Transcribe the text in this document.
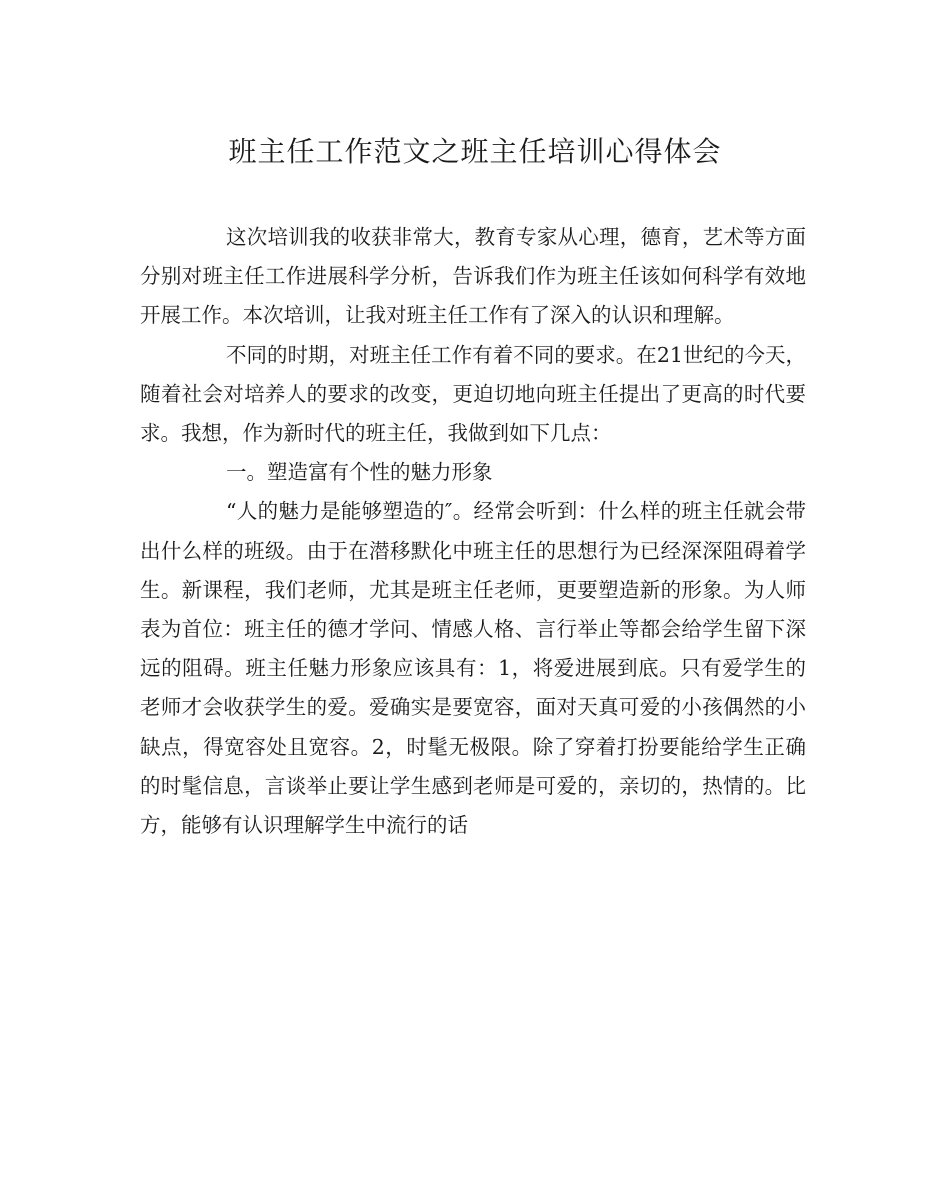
班主任工作范文之班主任培训心得体会

这次培训我的收获非常大，教育专家从心理，德育，艺术等方面分别对班主任工作进展科学分析，告诉我们作为班主任该如何科学有效地开展工作。本次培训，让我对班主任工作有了深入的认识和理解。

不同的时期，对班主任工作有着不同的要求。在21世纪的今天，随着社会对培养人的要求的改变，更迫切地向班主任提出了更高的时代要求。我想，作为新时代的班主任，我做到如下几点：

一。塑造富有个性的魅力形象

“人的魅力是能够塑造的″。经常会听到：什么样的班主任就会带出什么样的班级。由于在潜移默化中班主任的思想行为已经深深阻碍着学生。新课程，我们老师，尤其是班主任老师，更要塑造新的形象。为人师表为首位：班主任的德才学问、情感人格、言行举止等都会给学生留下深远的阻碍。班主任魅力形象应该具有：1，将爱进展到底。只有爱学生的老师才会收获学生的爱。爱确实是要宽容，面对天真可爱的小孩偶然的小缺点，得宽容处且宽容。2，时髦无极限。除了穿着打扮要能给学生正确的时髦信息，言谈举止要让学生感到老师是可爱的，亲切的，热情的。比方，能够有认识理解学生中流行的话
